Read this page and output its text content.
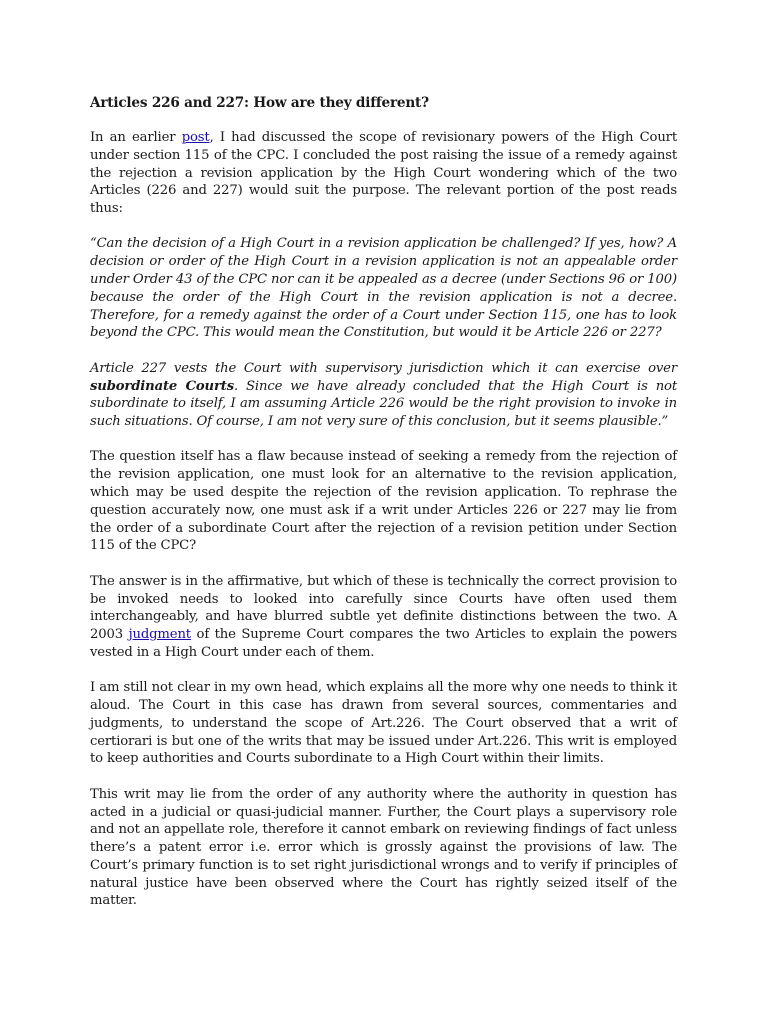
Articles 226 and 227: How are they different?

In an earlier post, I had discussed the scope of revisionary powers of the High Court under section 115 of the CPC. I concluded the post raising the issue of a remedy against the rejection a revision application by the High Court wondering which of the two Articles (226 and 227) would suit the purpose. The relevant portion of the post reads thus:

“Can the decision of a High Court in a revision application be challenged? If yes, how? A decision or order of the High Court in a revision application is not an appealable order under Order 43 of the CPC nor can it be appealed as a decree (under Sections 96 or 100) because the order of the High Court in the revision application is not a decree. Therefore, for a remedy against the order of a Court under Section 115, one has to look beyond the CPC. This would mean the Constitution, but would it be Article 226 or 227?

Article 227 vests the Court with supervisory jurisdiction which it can exercise over subordinate Courts. Since we have already concluded that the High Court is not subordinate to itself, I am assuming Article 226 would be the right provision to invoke in such situations. Of course, I am not very sure of this conclusion, but it seems plausible.”

The question itself has a flaw because instead of seeking a remedy from the rejection of the revision application, one must look for an alternative to the revision application, which may be used despite the rejection of the revision application. To rephrase the question accurately now, one must ask if a writ under Articles 226 or 227 may lie from the order of a subordinate Court after the rejection of a revision petition under Section 115 of the CPC?

The answer is in the affirmative, but which of these is technically the correct provision to be invoked needs to looked into carefully since Courts have often used them interchangeably, and have blurred subtle yet definite distinctions between the two. A 2003 judgment of the Supreme Court compares the two Articles to explain the powers vested in a High Court under each of them.

I am still not clear in my own head, which explains all the more why one needs to think it aloud. The Court in this case has drawn from several sources, commentaries and judgments, to understand the scope of Art.226. The Court observed that a writ of certiorari is but one of the writs that may be issued under Art.226. This writ is employed to keep authorities and Courts subordinate to a High Court within their limits.

This writ may lie from the order of any authority where the authority in question has acted in a judicial or quasi-judicial manner. Further, the Court plays a supervisory role and not an appellate role, therefore it cannot embark on reviewing findings of fact unless there’s a patent error i.e. error which is grossly against the provisions of law. The Court’s primary function is to set right jurisdictional wrongs and to verify if principles of natural justice have been observed where the Court has rightly seized itself of the matter.
